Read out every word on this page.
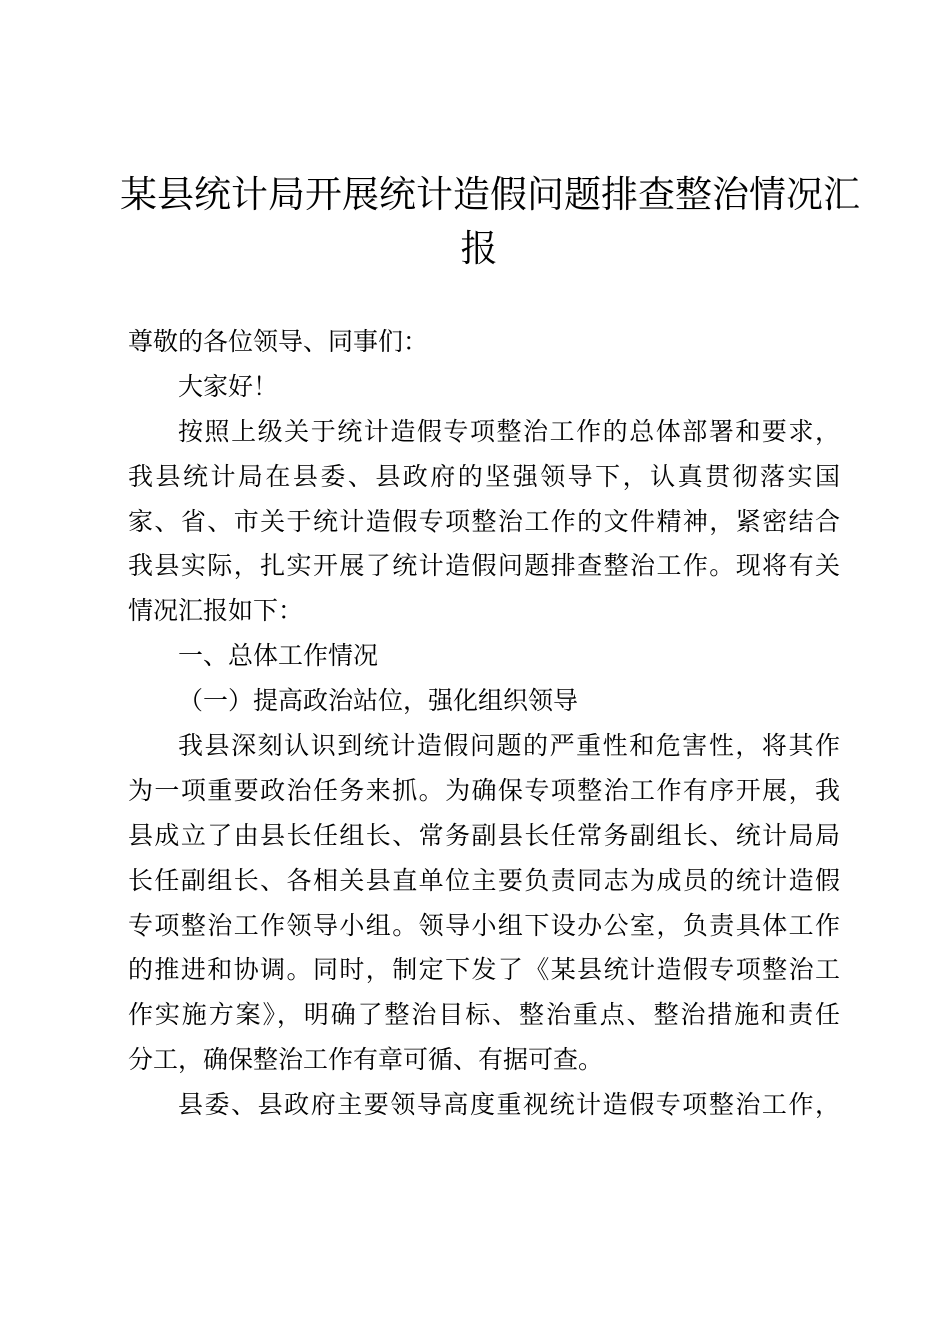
某县统计局开展统计造假问题排查整治情况汇
报
尊敬的各位领导、同事们：
大家好！
按照上级关于统计造假专项整治工作的总体部署和要求，
我县统计局在县委、县政府的坚强领导下，认真贯彻落实国
家、省、市关于统计造假专项整治工作的文件精神，紧密结合
我县实际，扎实开展了统计造假问题排查整治工作。现将有关
情况汇报如下：
一、总体工作情况
（一）提高政治站位，强化组织领导
我县深刻认识到统计造假问题的严重性和危害性，将其作
为一项重要政治任务来抓。为确保专项整治工作有序开展，我
县成立了由县长任组长、常务副县长任常务副组长、统计局局
长任副组长、各相关县直单位主要负责同志为成员的统计造假
专项整治工作领导小组。领导小组下设办公室，负责具体工作
的推进和协调。同时，制定下发了《某县统计造假专项整治工
作实施方案》，明确了整治目标、整治重点、整治措施和责任
分工，确保整治工作有章可循、有据可查。
县委、县政府主要领导高度重视统计造假专项整治工作，
